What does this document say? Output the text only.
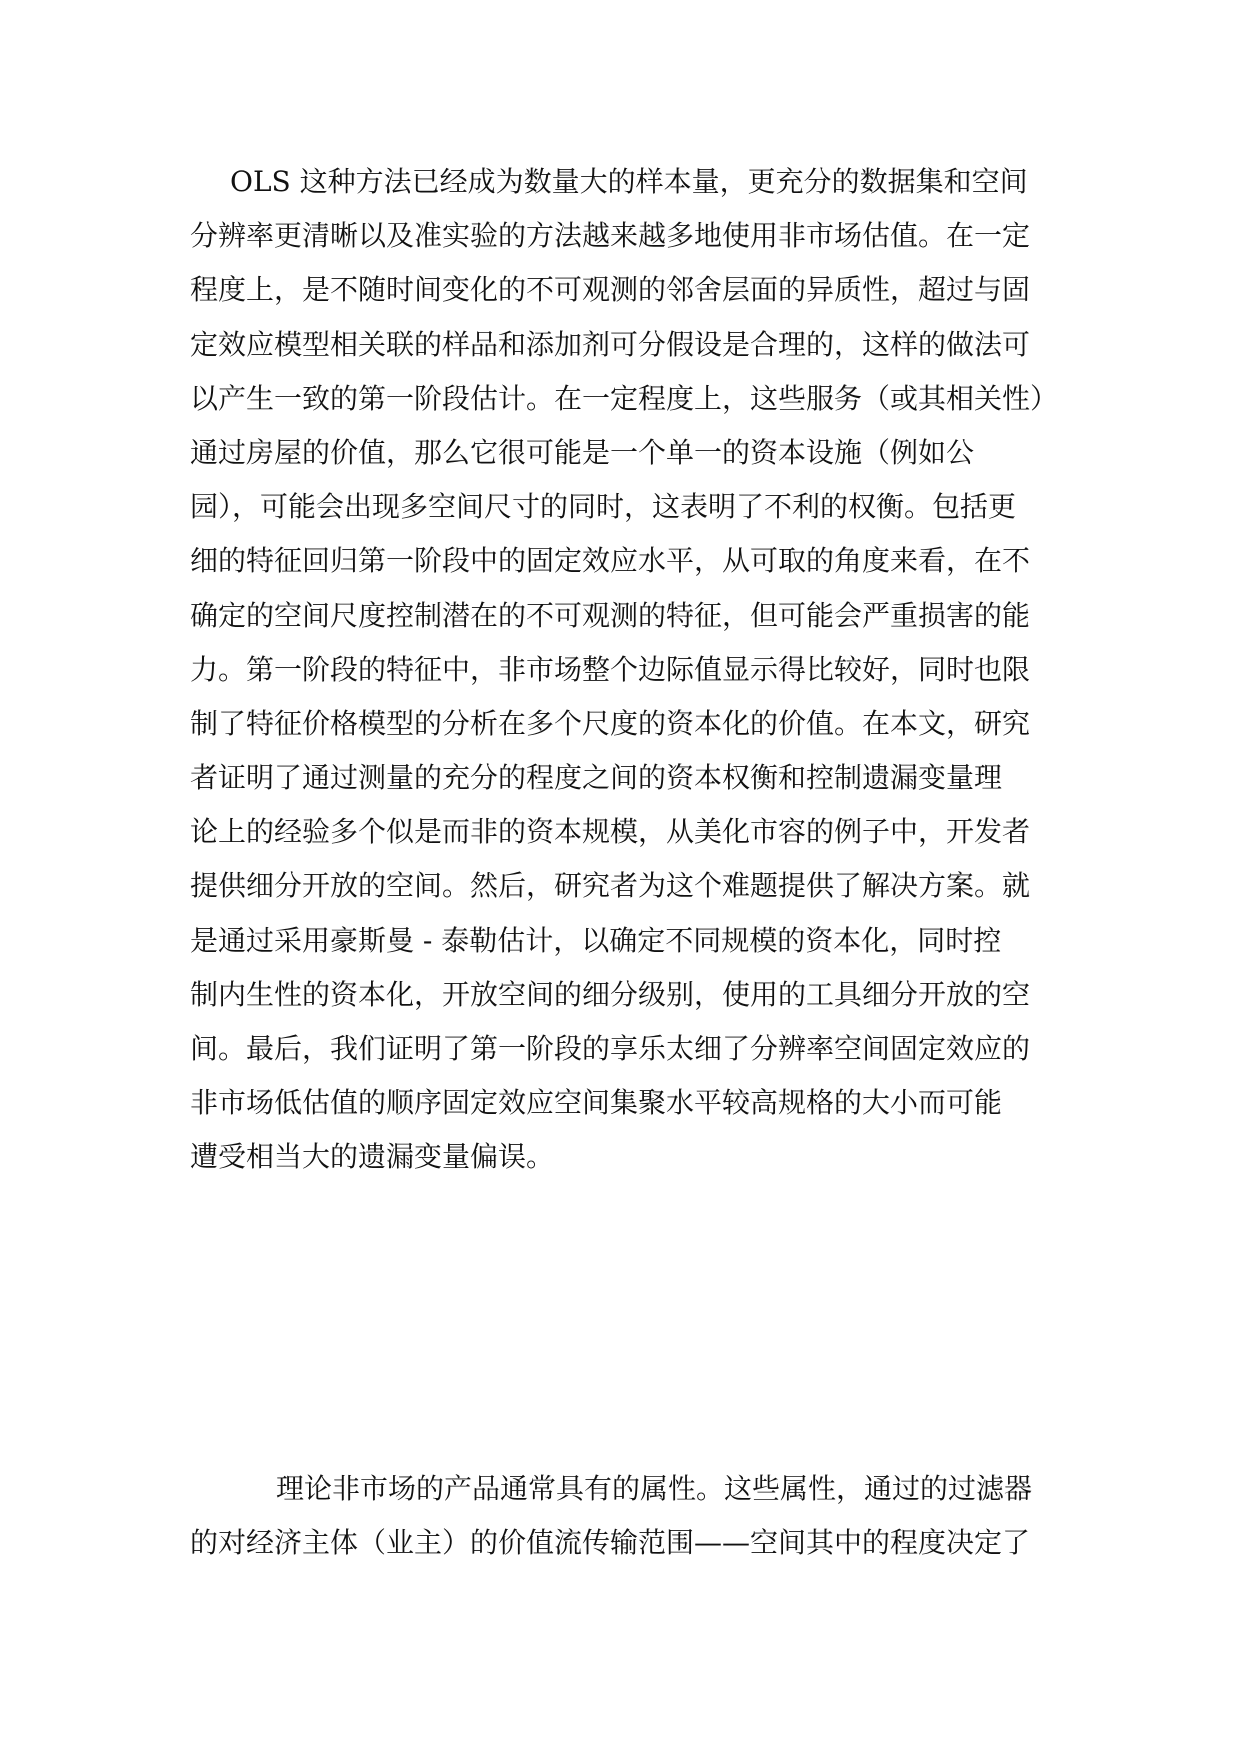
OLS 这种方法已经成为数量大的样本量，更充分的数据集和空间
分辨率更清晰以及准实验的方法越来越多地使用非市场估值。在一定
程度上，是不随时间变化的不可观测的邻舍层面的异质性，超过与固
定效应模型相关联的样品和添加剂可分假设是合理的，这样的做法可
以产生一致的第一阶段估计。在一定程度上，这些服务（或其相关性）
通过房屋的价值，那么它很可能是一个单一的资本设施（例如公
园），可能会出现多空间尺寸的同时，这表明了不利的权衡。包括更
细的特征回归第一阶段中的固定效应水平，从可取的角度来看，在不
确定的空间尺度控制潜在的不可观测的特征，但可能会严重损害的能
力。第一阶段的特征中，非市场整个边际值显示得比较好，同时也限
制了特征价格模型的分析在多个尺度的资本化的价值。在本文，研究
者证明了通过测量的充分的程度之间的资本权衡和控制遗漏变量理
论上的经验多个似是而非的资本规模，从美化市容的例子中，开发者
提供细分开放的空间。然后，研究者为这个难题提供了解决方案。就
是通过采用豪斯曼 - 泰勒估计，以确定不同规模的资本化，同时控
制内生性的资本化，开放空间的细分级别，使用的工具细分开放的空
间。最后，我们证明了第一阶段的享乐太细了分辨率空间固定效应的
非市场低估值的顺序固定效应空间集聚水平较高规格的大小而可能
遭受相当大的遗漏变量偏误。
理论非市场的产品通常具有的属性。这些属性，通过的过滤器
的对经济主体（业主）的价值流传输范围——空间其中的程度决定了
